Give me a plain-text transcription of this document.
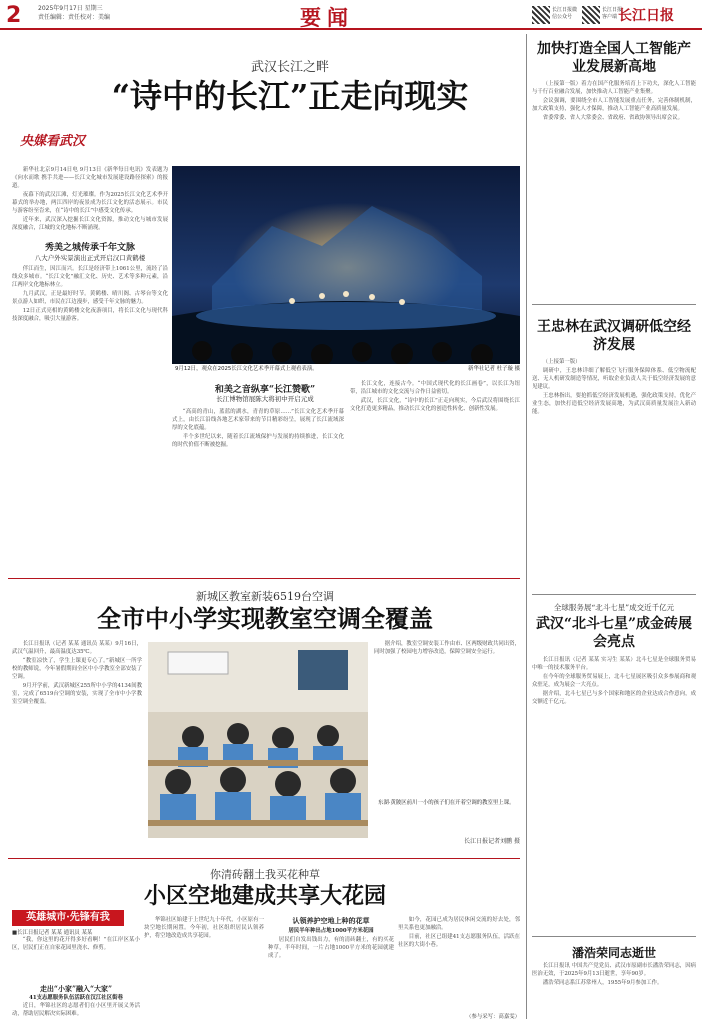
2	2025年9月17日 星期三
责任编辑：责任校对：美编	要闻	长江日报微信公众号
长江日报客户端 长江日报
武汉长江之畔
“诗中的长江”正走向现实
央媒看武汉

新华社北京9月14日电 9月13日《新华每日电讯》发表题为《向水而歌 携手共进——长江文化城市发展建设路径探索》的报道。

夜幕下的武汉江滩，灯光璀璨。作为2025长江文化艺术季开幕式的举办地，两江四岸的夜景成为长江文化的活态展示。市民与游客纷至沓来，在“诗中的长江”中感受文化传承。

近年来，武汉深入挖掘长江文化资源，推动文化与城市发展深度融合，江城的文化地标不断涌现。

秀美之城传承千年文脉
八大户外实景演出正式开启汉口黄鹤楼

伴江而生，因江而兴。长江是经济带上1061公里，流经了沿线众多城市。“长江文化”融汇文化、历史、艺术等多种元素，沿江两岸文化地标林立。

九月武汉，正是最好时节。黄鹤楼、晴川阁、古琴台等文化景点游人如织，市民在江边漫步，感受千年文脉的魅力。

12日正式亮相的黄鹤楼文化夜游项目，将长江文化与现代科技深度融合，吸引大量游客。

9月12日，观众在2025长江文化艺术季开幕式上观看表演。	新华社记者 杜子璇 摄
和美之音纵享“长江赞歌”
长江博物馆展陈大将初中开启元成

“高高的青山，蓝蓝的湖水，青青的草原……”长江文化艺术季开幕式上，由长江沿线各地艺术家带来的节目精彩纷呈，展现了长江流域深厚的文化底蕴。

半个多世纪以来，随着长江流域保护与发展的持续推进，长江文化的时代价值不断被挖掘。

长江文化，连接古今。“中国式现代化的长江画卷”，以长江为纽带，沿江城市的文化交流与合作日益密切。

武汉，长江文化，“诗中的长江”正走向现实，今后武汉将围绕长江文化打造更多精品，推动长江文化的创造性转化、创新性发展。

加快打造全国人工智能产业发展新高地

（上接第一版）着力在国产化服务培育上下功夫，深化人工智能与千行百业融合发展，加快推动人工智能产业集聚。

会议强调，要围绕全市人工智能发展重点任务，完善体制机制，加大政策支持，强化人才保障，推动人工智能产业高质量发展。

省委常委、省人大常委会、省政府、省政协领导出席会议。

王忠林在武汉调研低空经济发展

（上接第一版）

调研中，王忠林详细了解低空飞行服务保障体系、低空物流配送、无人机研发制造等情况，听取企业负责人关于低空经济发展的意见建议。

王忠林指出，要抢抓低空经济发展机遇，强化政策支持，优化产业生态，加快打造低空经济发展高地，为武汉高质量发展注入新动能。

全球服务展“北斗七星”成交近千亿元
武汉“北斗七星”成金砖展会亮点

长江日报讯（记者 某某 实习生 某某）北斗七星是全球服务贸易中唯一的技术服务平台。

在今年的全球服务贸易展上，北斗七星展区吸引众多参展商和观众驻足，成为展会一大亮点。

据介绍，北斗七星已与多个国家和地区的企业达成合作意向，成交额近千亿元。

潘浩荣同志逝世

长江日报讯 中国共产党党员、武汉市原副市长潘浩荣同志，因病医治无效，于2025年9月13日逝世，享年90岁。

潘浩荣同志系江苏常州人，1955年9月参加工作。

新城区教室新装6519台空调
全市中小学实现教室空调全覆盖

长江日报讯（记者 某某 通讯员 某某）9月16日，武汉气温回升，最高温度达35℃。

“教室凉快了，学生上课更专心了。”新城区一所学校的教师说，今年暑假期间全区中小学教室全部安装了空调。

9月开学前，武汉新城区255所中小学的4134间教室，完成了6519台空调的安装，实现了全市中小学教室空调全覆盖。

东湖·黄陂区前川一小的孩子们在开着空调的教室里上课。
长江日报记者刘鹏 摄

据介绍，教室空调安装工作由市、区两级财政共同出资，同时加强了校园电力增容改造，保障空调安全运行。

你清砖翻土我买花种草
小区空地建成共享大花园
英雄城市·先锋有我
■长江日报记者 某某 通讯员 某某

“我，你这里的花开得多好看啊！”在江岸区某小区，居民们正在自家花园里浇水、修剪。

走出“小家”融入“大家”
41支志愿服务队伍活跃在汉江社区街巷

近日，华锦社区的志愿者们在小区里开展义务活动，帮助居民解决实际困难。

华锦社区始建于上世纪九十年代，小区原有一块空地长期闲置。今年初，社区组织居民认领养护，将空地改造成共享花园。

认领养护空地上种的花草
居民半年种出占地1000平方米花园

居民们自发出钱出力，有的清砖翻土，有的买花种草，半年时间，一片占地1000平方米的花园就建成了。

如今，花园已成为居民休闲交流的好去处，邻里关系也更加融洽。

目前，社区已组建41支志愿服务队伍，活跃在社区的大街小巷。

（参与采写：高嘉雯）
